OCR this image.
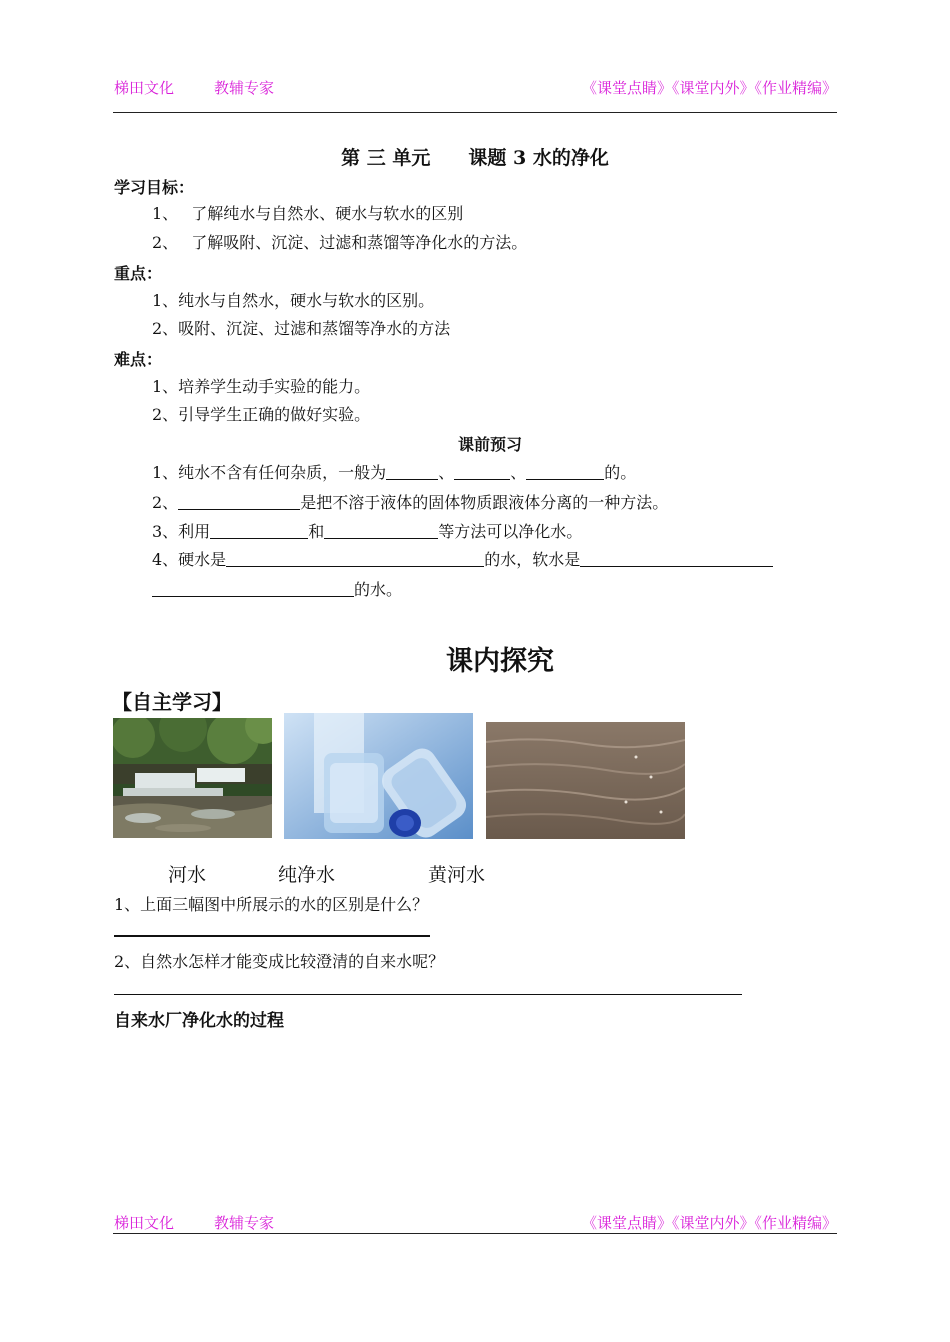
梯田文化	教辅专家	《课堂点睛》《课堂内外》《作业精编》
第 三 单元　　课题 3 水的净化
学习目标：
1、　 了解纯水与自然水、硬水与软水的区别
2、　 了解吸附、沉淀、过滤和蒸馏等净化水的方法。
重点：
1、纯水与自然水，硬水与软水的区别。
2、吸附、沉淀、过滤和蒸馏等净水的方法
难点：
1、培养学生动手实验的能力。
2、引导学生正确的做好实验。
课前预习
1、纯水不含有任何杂质，一般为	、	、	的。
2、	是把不溶于液体的固体物质跟液体分离的一种方法。
3、利用	和	等方法可以净化水。
4、硬水是	的水，软水是
的水。
课内探究
【自主学习】
河水	纯净水	黄河水
1、上面三幅图中所展示的水的区别是什么？
2、自然水怎样才能变成比较澄清的自来水呢？
自来水厂净化水的过程
梯田文化	教辅专家	《课堂点睛》《课堂内外》《作业精编》
